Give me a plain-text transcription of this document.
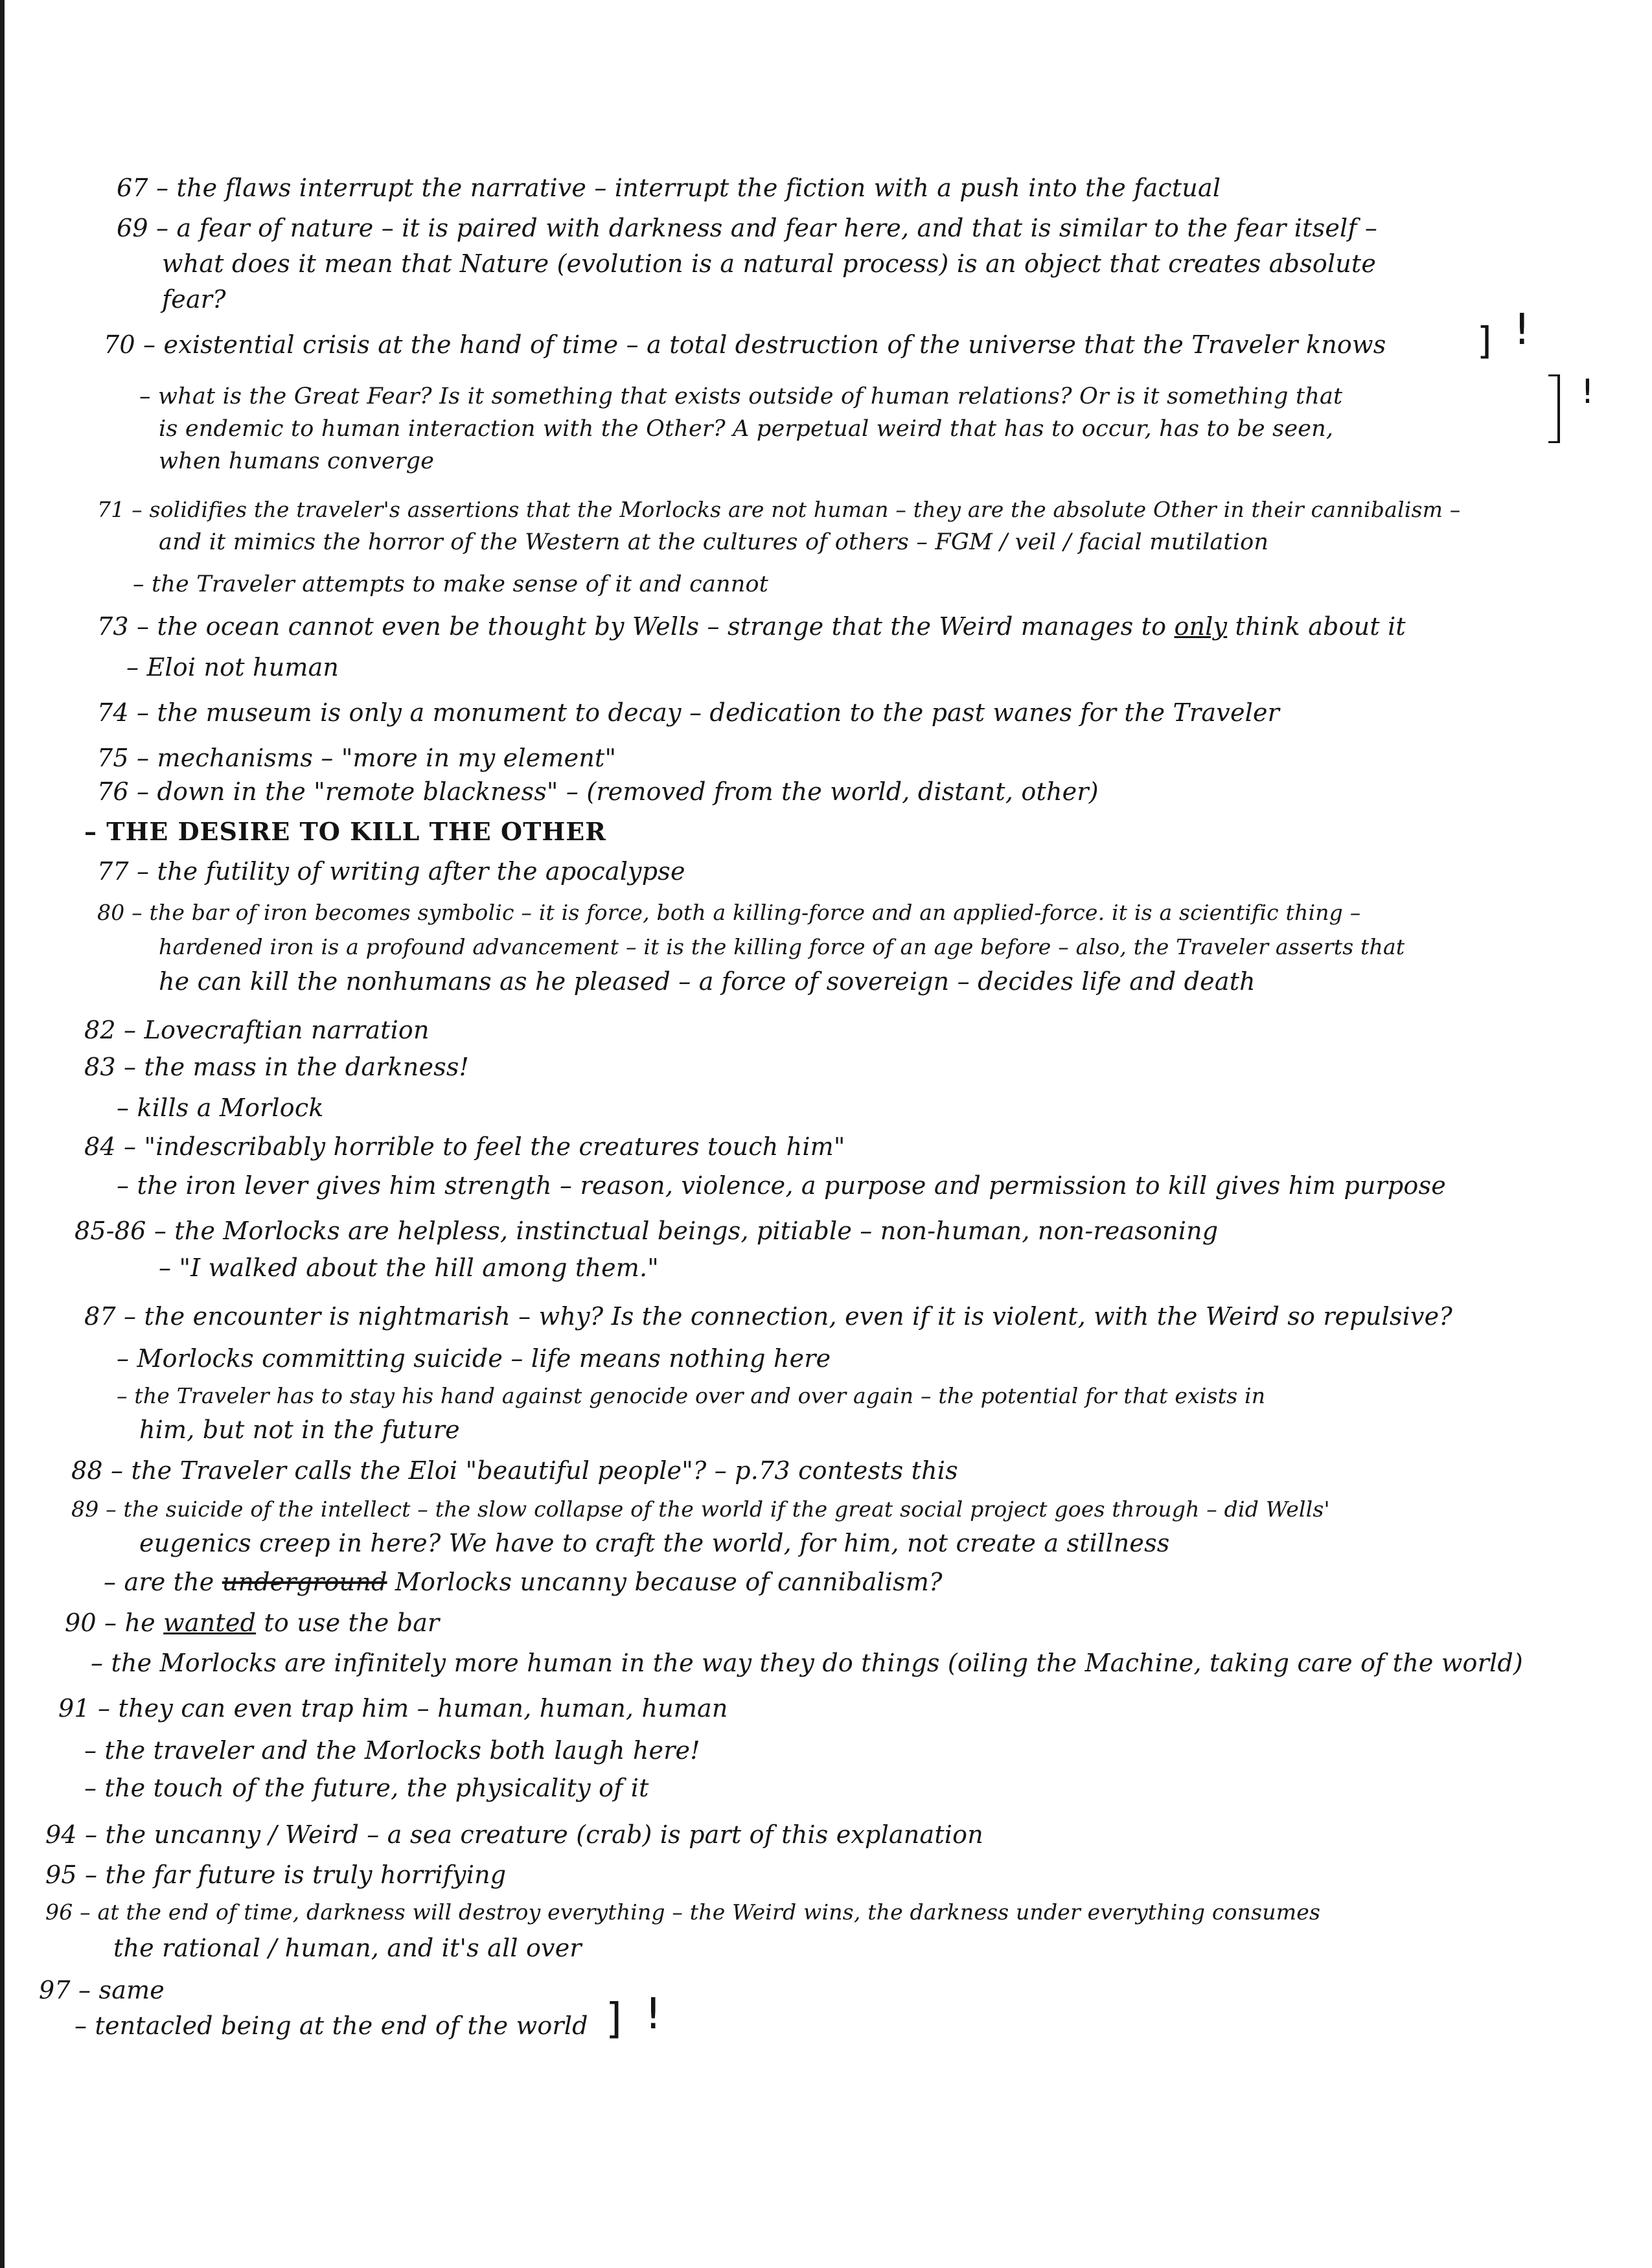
67 – the flaws interrupt the narrative – interrupt the fiction with a push into the factual
69 – a fear of nature – it is paired with darkness and fear here, and that is similar to the fear itself –
what does it mean that Nature (evolution is a natural process) is an object that creates absolute
fear?
70 – existential crisis at the hand of time – a total destruction of the universe that the Traveler knows ] !
– what is the Great Fear? Is it something that exists outside of human relations? Or is it something that
is endemic to human interaction with the Other? A perpetual weird that has to occur, has to be seen,
when humans converge
!
71 – solidifies the traveler's assertions that the Morlocks are not human – they are the absolute Other in their cannibalism –
and it mimics the horror of the Western at the cultures of others – FGM / veil / facial mutilation
– the Traveler attempts to make sense of it and cannot
73 – the ocean cannot even be thought by Wells – strange that the Weird manages to only think about it
– Eloi not human
74 – the museum is only a monument to decay – dedication to the past wanes for the Traveler
75 – mechanisms – "more in my element"
76 – down in the "remote blackness" – (removed from the world, distant, other)
– THE DESIRE TO KILL THE OTHER
77 – the futility of writing after the apocalypse
80 – the bar of iron becomes symbolic – it is force, both a killing-force and an applied-force. it is a scientific thing –
hardened iron is a profound advancement – it is the killing force of an age before – also, the Traveler asserts that
he can kill the nonhumans as he pleased – a force of sovereign – decides life and death
82 – Lovecraftian narration
83 – the mass in the darkness!
– kills a Morlock
84 – "indescribably horrible to feel the creatures touch him"
– the iron lever gives him strength – reason, violence, a purpose and permission to kill gives him purpose
85-86 – the Morlocks are helpless, instinctual beings, pitiable – non-human, non-reasoning
– "I walked about the hill among them."
87 – the encounter is nightmarish – why? Is the connection, even if it is violent, with the Weird so repulsive?
– Morlocks committing suicide – life means nothing here
– the Traveler has to stay his hand against genocide over and over again – the potential for that exists in
him, but not in the future
88 – the Traveler calls the Eloi "beautiful people"? – p.73 contests this
89 – the suicide of the intellect – the slow collapse of the world if the great social project goes through – did Wells'
eugenics creep in here? We have to craft the world, for him, not create a stillness
– are the underground Morlocks uncanny because of cannibalism?
90 – he wanted to use the bar
– the Morlocks are infinitely more human in the way they do things (oiling the Machine, taking care of the world)
91 – they can even trap him – human, human, human
– the traveler and the Morlocks both laugh here!
– the touch of the future, the physicality of it
94 – the uncanny / Weird – a sea creature (crab) is part of this explanation
95 – the far future is truly horrifying
96 – at the end of time, darkness will destroy everything – the Weird wins, the darkness under everything consumes
the rational / human, and it's all over
97 – same
– tentacled being at the end of the world ] !
